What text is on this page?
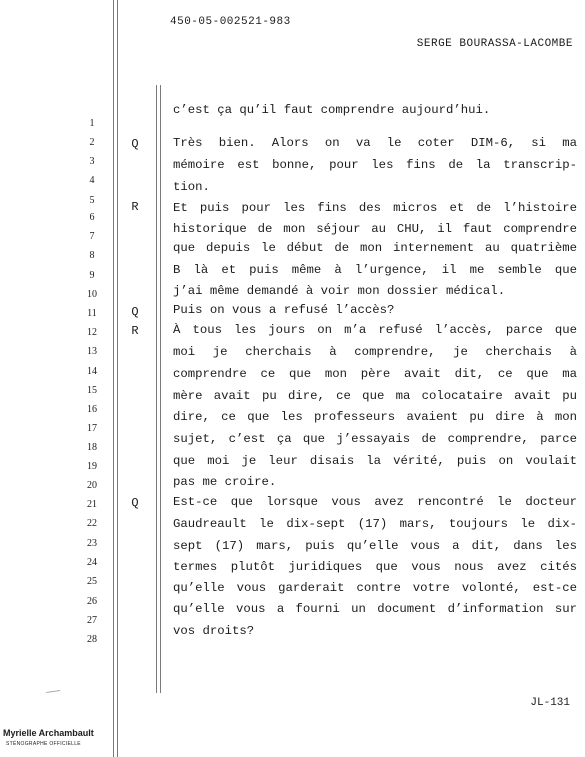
450-05-002521-983
SERGE BOURASSA-LACOMBE
1
c’est ça qu’il faut comprendre aujourd’hui.
2	Q	Très bien. Alors on va le coter DIM-6, si ma
3	mémoire est bonne, pour les fins de la transcrip-
4	tion.
5	R	Et puis pour les fins des micros et de l’histoire
6
historique de mon séjour au CHU, il faut comprendre
7
que depuis le début de mon internement au quatrième
8
B là et puis même à l’urgence, il me semble que
9
j’ai même demandé à voir mon dossier médical.
10
Q	Puis on vous a refusé l’accès?
11
R	À tous les jours on m’a refusé l’accès, parce que
12
moi je cherchais à comprendre, je cherchais à
13
comprendre ce que mon père avait dit, ce que ma
14
mère avait pu dire, ce que ma colocataire avait pu
15
dire, ce que les professeurs avaient pu dire à mon
16
sujet, c’est ça que j’essayais de comprendre, parce
17
que moi je leur disais la vérité, puis on voulait
18
pas me croire.
19
Q	Est-ce que lorsque vous avez rencontré le docteur
20
Gaudreault le dix-sept (17) mars, toujours le dix-
21
sept (17) mars, puis qu’elle vous a dit, dans les
22
termes plutôt juridiques que vous nous avez cités
23
qu’elle vous garderait contre votre volonté, est-ce
24
qu’elle vous a fourni un document d’information sur
25
vos droits?
26
27
28
JL-131
Myrielle Archambault
STÉNOGRAPHE OFFICIELLE
